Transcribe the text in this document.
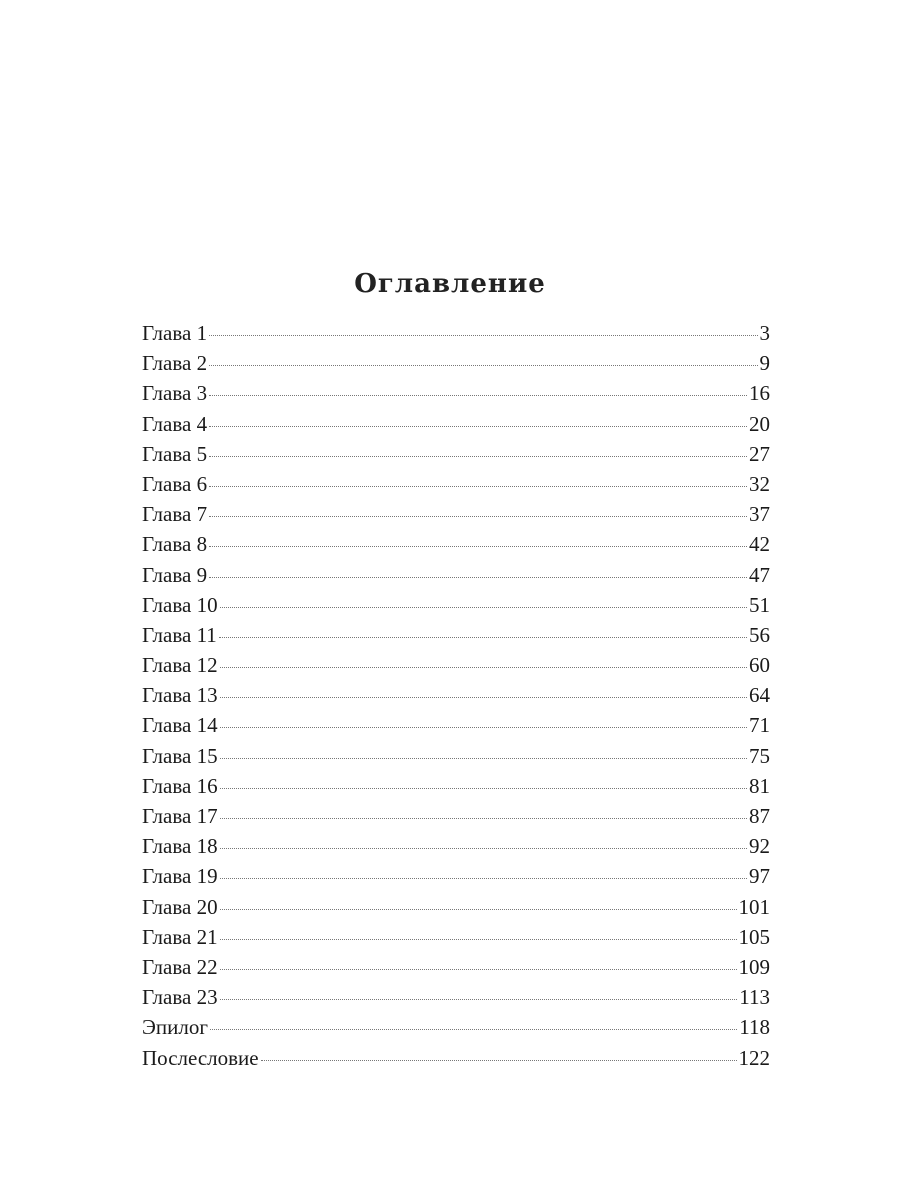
Оглавление
Глава 1	3
Глава 2	9
Глава 3	16
Глава 4	20
Глава 5	27
Глава 6	32
Глава 7	37
Глава 8	42
Глава 9	47
Глава 10	51
Глава 11	56
Глава 12	60
Глава 13	64
Глава 14	71
Глава 15	75
Глава 16	81
Глава 17	87
Глава 18	92
Глава 19	97
Глава 20	101
Глава 21	105
Глава 22	109
Глава 23	113
Эпилог	118
Послесловие	122
